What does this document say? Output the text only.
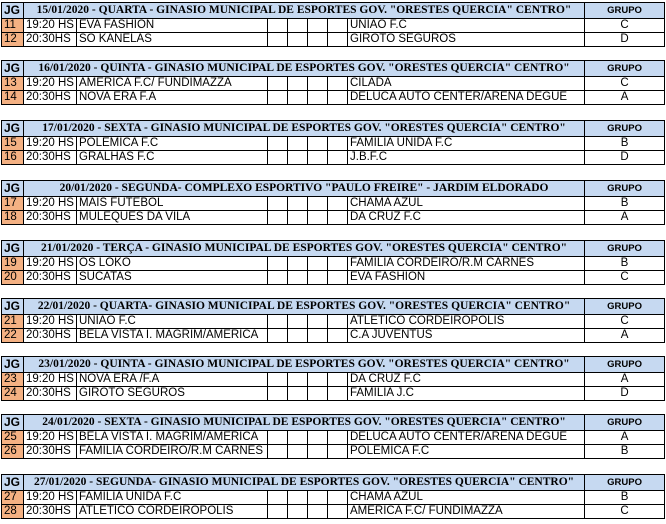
JG	15/01/2020 - QUARTA - GINASIO MUNICIPAL DE ESPORTES GOV. "ORESTES QUERCIA" CENTRO"							GRUPO
11	19:20 HS	EVA FASHION					UNIÃO F.C	C
12	20:30HS	SÓ KANELAS					GIROTO SEGUROS	D
JG	16/01/2020 - QUINTA - GINASIO MUNICIPAL DE ESPORTES GOV. "ORESTES QUERCIA" CENTRO"							GRUPO
13	19:20 HS	AMÉRICA F.C/ FUNDIMAZZA					CILADA	C
14	20:30HS	NOVA ERA F.A					DELUCA AUTO CENTER/ARENA DEGUÉ	A
JG	17/01/2020 - SEXTA - GINASIO MUNICIPAL DE ESPORTES GOV. "ORESTES QUERCIA" CENTRO"							GRUPO
15	19:20 HS	POLÊMICA F.C					FAMILIA UNIDA F.C	B
16	20:30HS	GRALHAS F.C					J.B.F.C	D
JG	20/01/2020 - SEGUNDA- COMPLEXO ESPORTIVO "PAULO FREIRE" - JARDIM ELDORADO							GRUPO
17	19:20 HS	MAIS FUTEBOL					CHAMA AZUL	B
18	20:30HS	MULEQUES DA VILA					DA CRUZ F.C	A
JG	21/01/2020 - TERÇA - GINASIO MUNICIPAL DE ESPORTES GOV. "ORESTES QUERCIA" CENTRO"							GRUPO
19	19:20 HS	OS LOKO					FAMILIA CORDEIRO/R.M CARNES	B
20	20:30HS	SUCATAS					EVA FASHION	C
JG	22/01/2020 - QUARTA- GINASIO MUNICIPAL DE ESPORTES GOV. "ORESTES QUERCIA" CENTRO"							GRUPO
21	19:20 HS	UNIÃO F.C					ATLÉTICO CORDEIROPOLIS	C
22	20:30HS	BELA VISTA I. MAGRIM/AMÉRICA					C.A JUVENTUS	A
JG	23/01/2020 - QUINTA - GINASIO MUNICIPAL DE ESPORTES GOV. "ORESTES QUERCIA" CENTRO"							GRUPO
23	19:20 HS	NOVA ERA /F.A					DA CRUZ F.C	A
24	20:30HS	GIROTO SEGUROS					FAMILIA J.C	D
JG	24/01/2020 - SEXTA - GINASIO MUNICIPAL DE ESPORTES GOV. "ORESTES QUERCIA" CENTRO"							GRUPO
25	19:20 HS	BELA VISTA I. MAGRIM/AMÉRICA					DELUCA AUTO CENTER/ARENA DEGUÉ	A
26	20:30HS	FAMILIA CORDEIRO/R.M CARNES					POLEMICA F.C	B
JG	27/01/2020 - SEGUNDA- GINASIO MUNICIPAL DE ESPORTES GOV. "ORESTES QUERCIA" CENTRO"							GRUPO
27	19:20 HS	FAMILIA UNIDA F.C					CHAMA AZUL	B
28	20:30HS	ATLÉTICO CORDEIROPOLIS					AMÉRICA F.C/ FUNDIMAZZA	C
